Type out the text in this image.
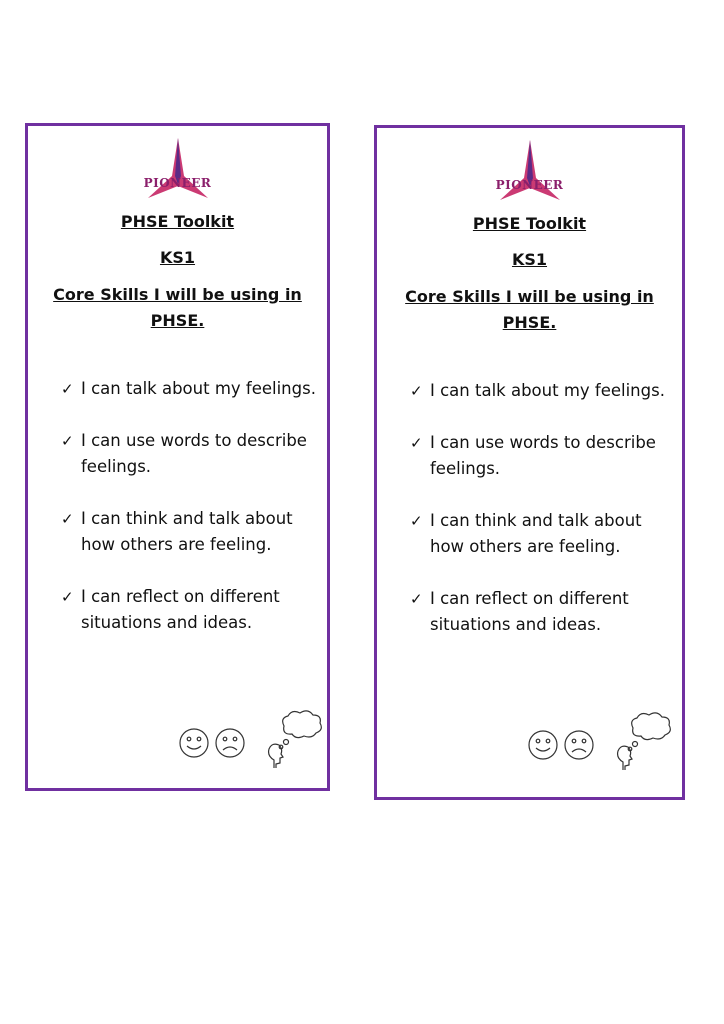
PIONEER
PHSE Toolkit
KS1
Core Skills I will be using in PHSE.
✓ I can talk about my feelings.
✓ I can use words to describe feelings.
✓ I can think and talk about how others are feeling.
✓ I can reflect on different situations and ideas.
PIONEER
PHSE Toolkit
KS1
Core Skills I will be using in PHSE.
✓ I can talk about my feelings.
✓ I can use words to describe feelings.
✓ I can think and talk about how others are feeling.
✓ I can reflect on different situations and ideas.
